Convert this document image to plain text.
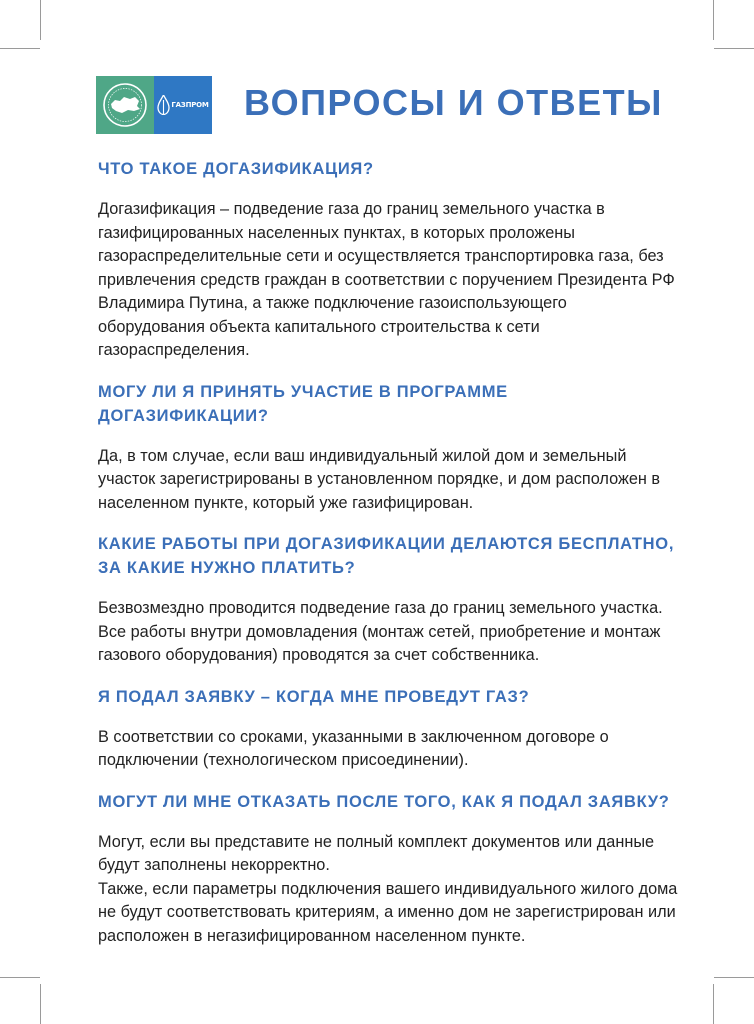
ГАЗПРОМ ВОПРОСЫ И ОТВЕТЫ

ЧТО ТАКОЕ ДОГАЗИФИКАЦИЯ?

Догазификация – подведение газа до границ земельного участка в газифицированных населенных пунктах, в которых проложены газораспределительные сети и осуществляется транспортировка газа, без привлечения средств граждан в соответствии с поручением Президента РФ Владимира Путина, а также подключение газоиспользующего оборудования объекта капитального строительства к сети газораспределения.

МОГУ ЛИ Я ПРИНЯТЬ УЧАСТИЕ В ПРОГРАММЕ ДОГАЗИФИКАЦИИ?

Да, в том случае, если ваш индивидуальный жилой дом и земельный участок зарегистрированы в установленном порядке, и дом расположен в населенном пункте, который уже газифицирован.

КАКИЕ РАБОТЫ ПРИ ДОГАЗИФИКАЦИИ ДЕЛАЮТСЯ БЕСПЛАТНО, ЗА КАКИЕ НУЖНО ПЛАТИТЬ?

Безвозмездно проводится подведение газа до границ земельного участка. Все работы внутри домовладения (монтаж сетей, приобретение и монтаж газового оборудования) проводятся за счет собственника.

Я ПОДАЛ ЗАЯВКУ – КОГДА МНЕ ПРОВЕДУТ ГАЗ?

В соответствии со сроками, указанными в заключенном договоре о подключении (технологическом присоединении).

МОГУТ ЛИ МНЕ ОТКАЗАТЬ ПОСЛЕ ТОГО, КАК Я ПОДАЛ ЗАЯВКУ?

Могут, если вы представите не полный комплект документов или данные будут заполнены некорректно.

Также, если параметры подключения вашего индивидуального жилого дома не будут соответствовать критериям, а именно дом не зарегистрирован или расположен в негазифицированном населенном пункте.
